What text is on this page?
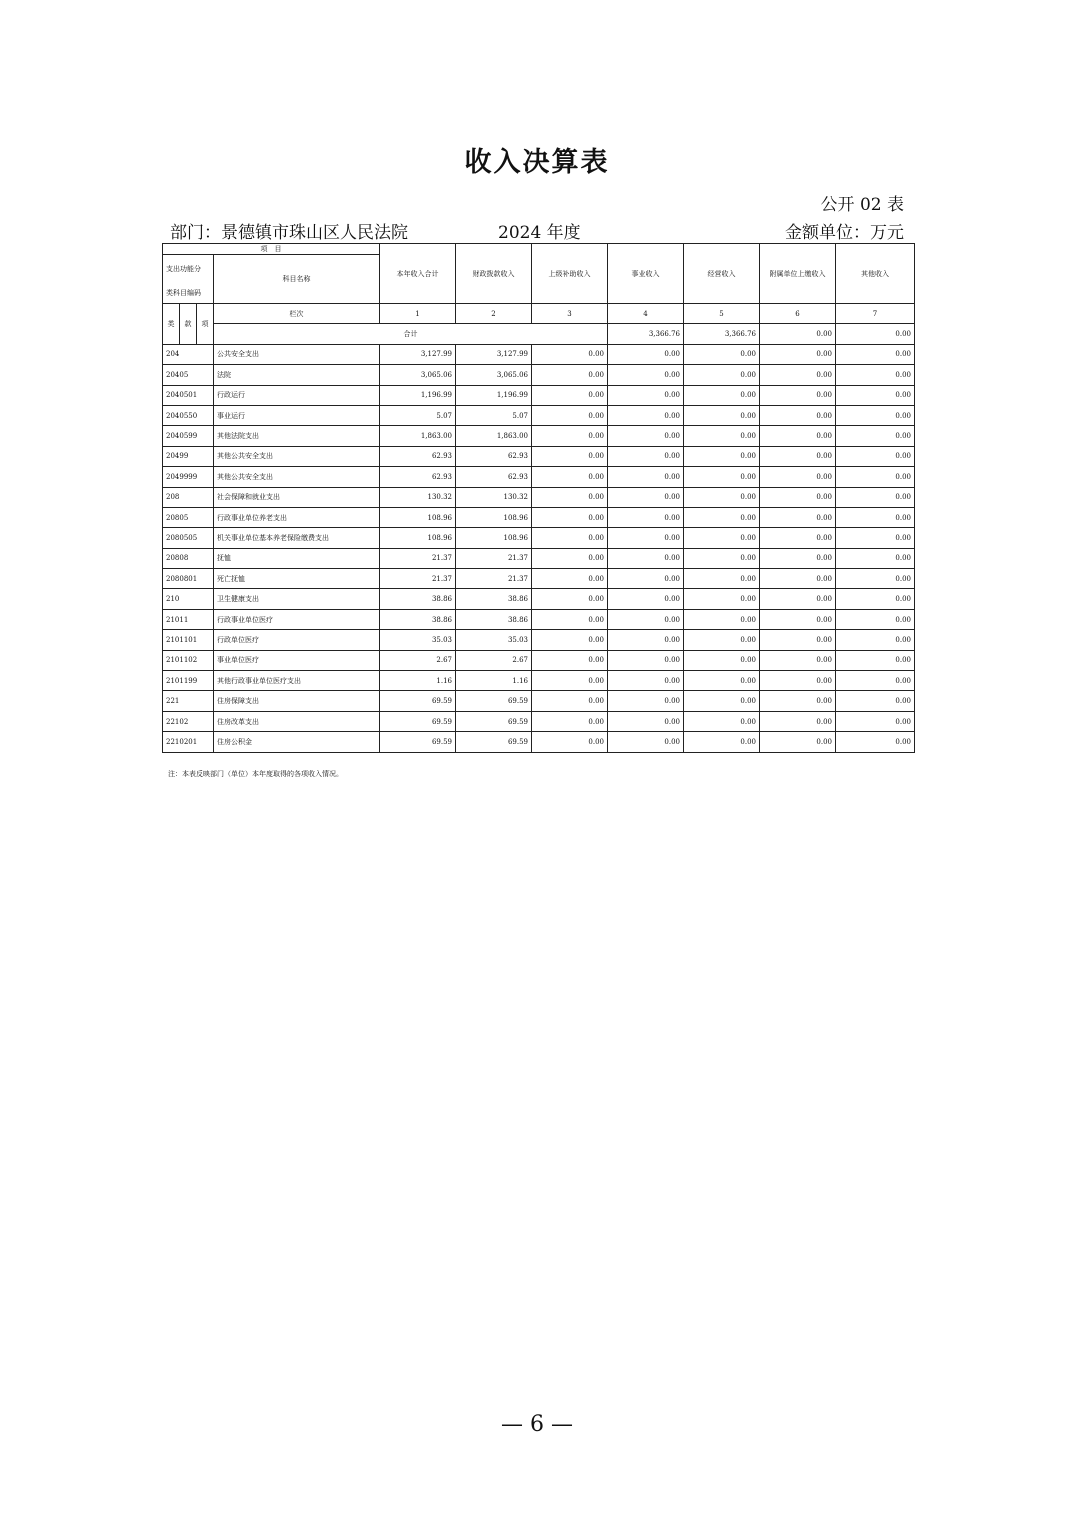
收入决算表
公开 02 表
部门：景德镇市珠山区人民法院	2024 年度	金额单位：万元
项　目				本年收入合计	财政拨款收入	上级补助收入	事业收入	经营收入	附属单位上缴收入	其他收入	
支出功能分			科目名称								
类科目编码											
类	款	项	栏次	1	2	3	4	5	6	7	
			合计				3,366.76	3,366.76	0.00	0.00			
204			公共安全支出	3,127.99	3,127.99	0.00	0.00	0.00	0.00	0.00	
20405			法院	3,065.06	3,065.06	0.00	0.00	0.00	0.00	0.00	
2040501			行政运行	1,196.99	1,196.99	0.00	0.00	0.00	0.00	0.00	
2040550			事业运行	5.07	5.07	0.00	0.00	0.00	0.00	0.00	
2040599			其他法院支出	1,863.00	1,863.00	0.00	0.00	0.00	0.00	0.00	
20499			其他公共安全支出	62.93	62.93	0.00	0.00	0.00	0.00	0.00	
2049999			其他公共安全支出	62.93	62.93	0.00	0.00	0.00	0.00	0.00	
208			社会保障和就业支出	130.32	130.32	0.00	0.00	0.00	0.00	0.00	
20805			行政事业单位养老支出	108.96	108.96	0.00	0.00	0.00	0.00	0.00	
2080505			机关事业单位基本养老保险缴费支出	108.96	108.96	0.00	0.00	0.00	0.00	0.00	
20808			抚恤	21.37	21.37	0.00	0.00	0.00	0.00	0.00	
2080801			死亡抚恤	21.37	21.37	0.00	0.00	0.00	0.00	0.00	
210			卫生健康支出	38.86	38.86	0.00	0.00	0.00	0.00	0.00	
21011			行政事业单位医疗	38.86	38.86	0.00	0.00	0.00	0.00	0.00	
2101101			行政单位医疗	35.03	35.03	0.00	0.00	0.00	0.00	0.00	
2101102			事业单位医疗	2.67	2.67	0.00	0.00	0.00	0.00	0.00	
2101199			其他行政事业单位医疗支出	1.16	1.16	0.00	0.00	0.00	0.00	0.00	
221			住房保障支出	69.59	69.59	0.00	0.00	0.00	0.00	0.00	
22102			住房改革支出	69.59	69.59	0.00	0.00	0.00	0.00	0.00	
2210201			住房公积金	69.59	69.59	0.00	0.00	0.00	0.00	0.00	
注：本表反映部门（单位）本年度取得的各项收入情况。
— 6 —
